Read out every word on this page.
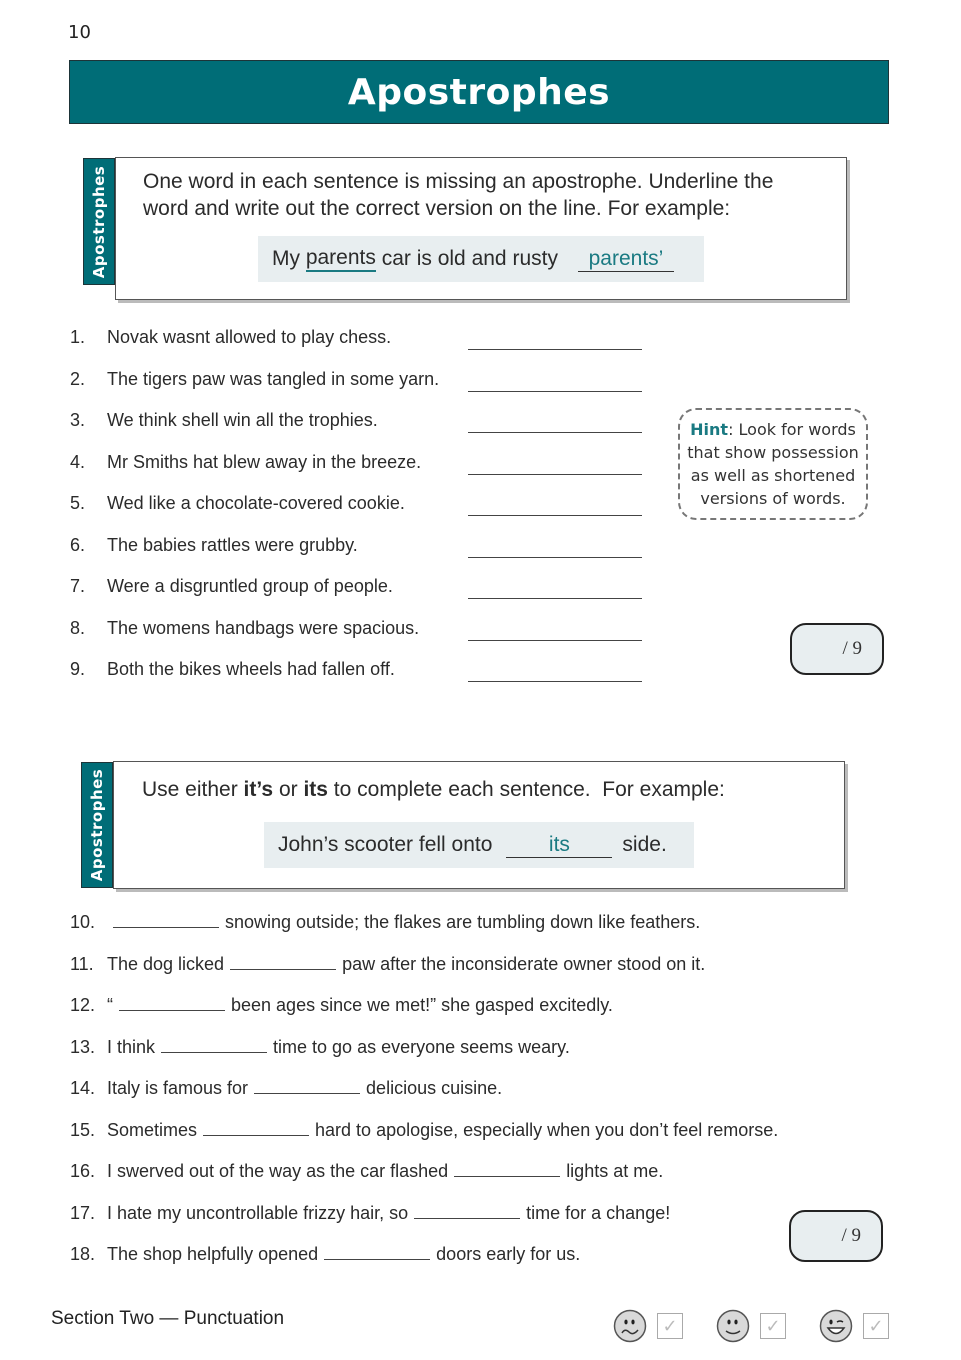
10
Apostrophes
Apostrophes One word in each sentence is missing an apostrophe. Underline the
word and write out the correct version on the line. For example:
My parents car is old and rusty	parents’
1. Novak wasnt allowed to play chess.
2. The tigers paw was tangled in some yarn.
3. We think shell win all the trophies.
4. Mr Smiths hat blew away in the breeze.
5. Wed like a chocolate-covered cookie.
6. The babies rattles were grubby.
7. Were a disgruntled group of people.
8. The womens handbags were spacious.
9. Both the bikes wheels had fallen off.
Hint: Look for words
that show possession
as well as shortened
versions of words.
/ 9
Apostrophes Use either it’s or its to complete each sentence.  For example:
John’s scooter fell onto	its	side.
10.	snowing outside; the flakes are tumbling down like feathers.
11. The dog licked	paw after the inconsiderate owner stood on it.
12. “	been ages since we met!” she gasped excitedly.
13. I think	time to go as everyone seems weary.
14. Italy is famous for	delicious cuisine.
15. Sometimes	hard to apologise, especially when you don’t feel remorse.
16. I swerved out of the way as the car flashed	lights at me.
17. I hate my uncontrollable frizzy hair, so	time for a change!
18. The shop helpfully opened	doors early for us.
/ 9
Section Two — Punctuation	✓	✓	✓
